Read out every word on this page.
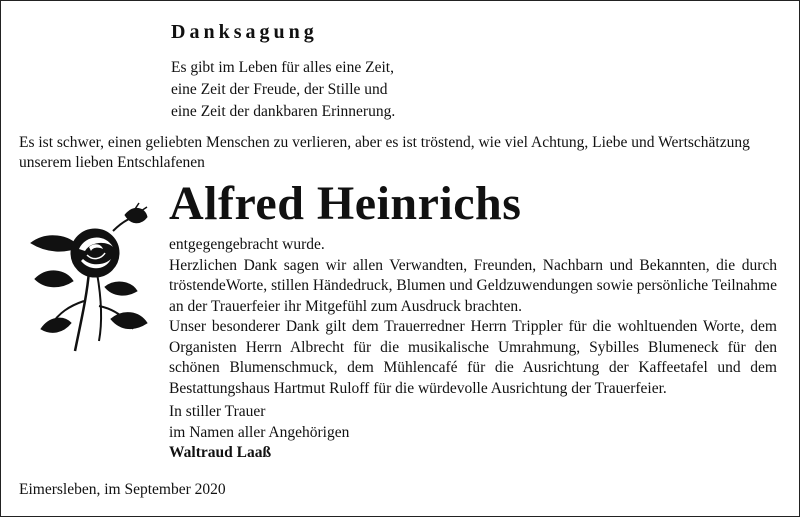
Danksagung
Es gibt im Leben für alles eine Zeit,
eine Zeit der Freude, der Stille und
eine Zeit der dankbaren Erinnerung.
Es ist schwer, einen geliebten Menschen zu verlieren, aber es ist tröstend, wie viel Achtung, Liebe und Wertschätzung unserem lieben Entschlafenen
Alfred Heinrichs

entgegengebracht wurde.

Herzlichen Dank sagen wir allen Verwandten, Freunden, Nachbarn und Bekannten, die durch tröstendeWorte, stillen Händedruck, Blumen und Geldzuwendungen sowie persönliche Teilnahme an der Trauerfeier ihr Mitgefühl zum Ausdruck brachten.

Unser besonderer Dank gilt dem Trauerredner Herrn Trippler für die wohltuenden Worte, dem Organisten Herrn Albrecht für die musikalische Umrahmung, Sybilles Blumeneck für den schönen Blumenschmuck, dem Mühlencafé für die Ausrichtung der Kaffeetafel und dem Bestattungshaus Hartmut Ruloff für die würdevolle Ausrichtung der Trauerfeier.

In stiller Trauer
im Namen aller Angehörigen
Waltraud Laaß
Eimersleben, im September 2020
